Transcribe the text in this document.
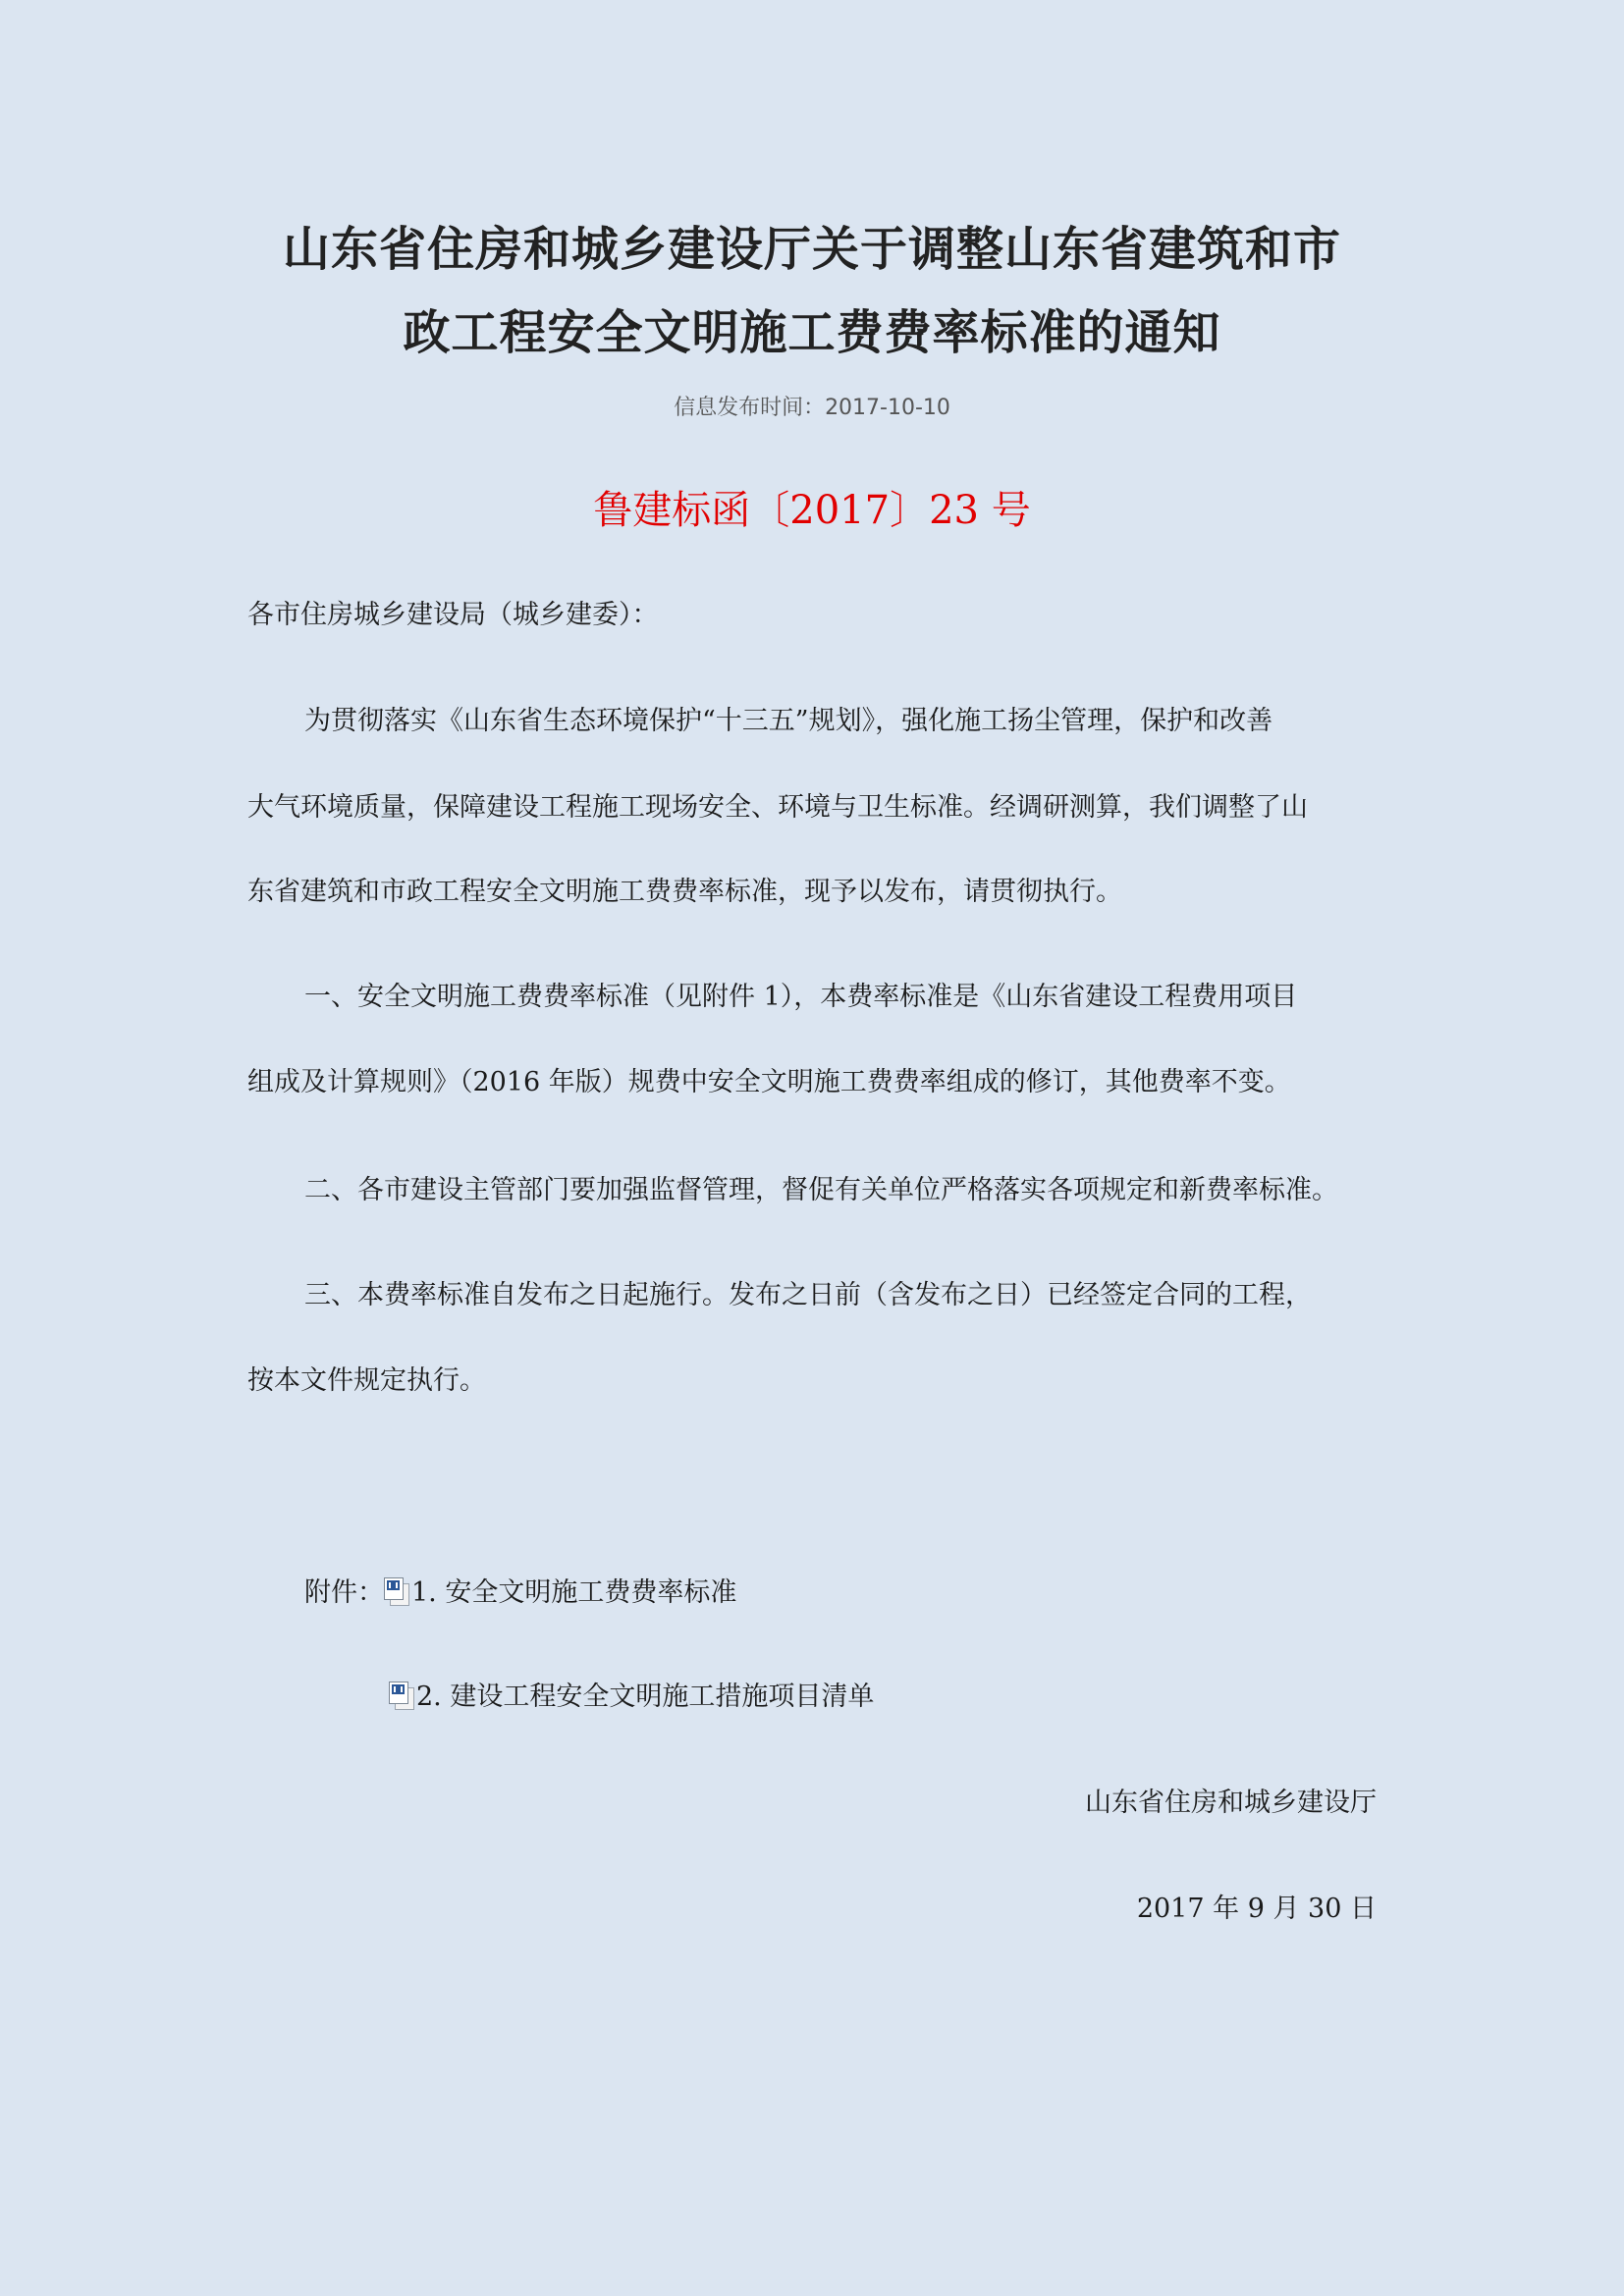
山东省住房和城乡建设厅关于调整山东省建筑和市
政工程安全文明施工费费率标准的通知
信息发布时间：2017-10-10
鲁建标函〔2017〕23 号
各市住房城乡建设局（城乡建委）：
为贯彻落实《山东省生态环境保护“十三五”规划》，强化施工扬尘管理，保护和改善
大气环境质量，保障建设工程施工现场安全、环境与卫生标准。经调研测算，我们调整了山
东省建筑和市政工程安全文明施工费费率标准，现予以发布，请贯彻执行。
一、安全文明施工费费率标准（见附件 1），本费率标准是《山东省建设工程费用项目
组成及计算规则》（2016 年版）规费中安全文明施工费费率组成的修订，其他费率不变。
二、各市建设主管部门要加强监督管理，督促有关单位严格落实各项规定和新费率标准。
三、本费率标准自发布之日起施行。发布之日前（含发布之日）已经签定合同的工程，
按本文件规定执行。
附件： 1. 安全文明施工费费率标准
2. 建设工程安全文明施工措施项目清单
山东省住房和城乡建设厅
2017 年 9 月 30 日
